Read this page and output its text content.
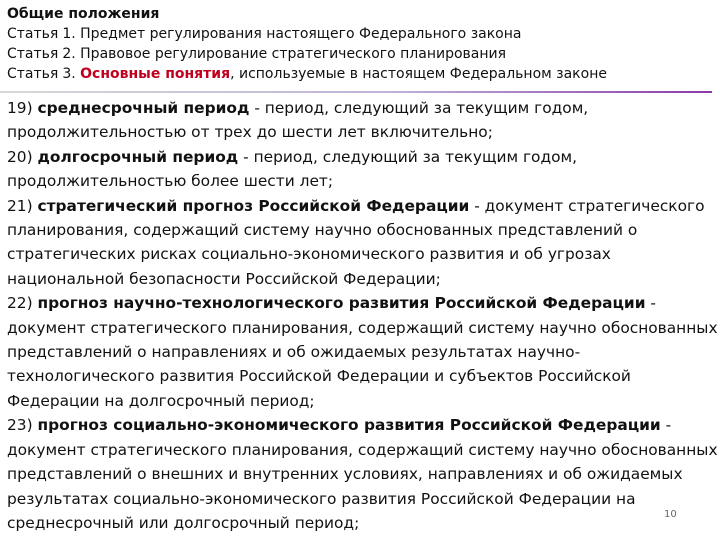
Общие положения
Статья 1. Предмет регулирования настоящего Федерального закона
Статья 2. Правовое регулирование стратегического планирования
Статья 3. Основные понятия, используемые в настоящем Федеральном законе

19) среднесрочный период - период, следующий за текущим годом, продолжительностью от трех до шести лет включительно;

20) долгосрочный период - период, следующий за текущим годом, продолжительностью более шести лет;

21) стратегический прогноз Российской Федерации - документ стратегического планирования, содержащий систему научно обоснованных представлений о стратегических рисках социально-экономического развития и об угрозах национальной безопасности Российской Федерации;

22) прогноз научно-технологического развития Российской Федерации - документ стратегического планирования, содержащий систему научно обоснованных представлений о направлениях и об ожидаемых результатах научно-технологического развития Российской Федерации и субъектов Российской Федерации на долгосрочный период;

23) прогноз социально-экономического развития Российской Федерации - документ стратегического планирования, содержащий систему научно обоснованных представлений о внешних и внутренних условиях, направлениях и об ожидаемых результатах социально-экономического развития Российской Федерации на среднесрочный или долгосрочный период;	10
